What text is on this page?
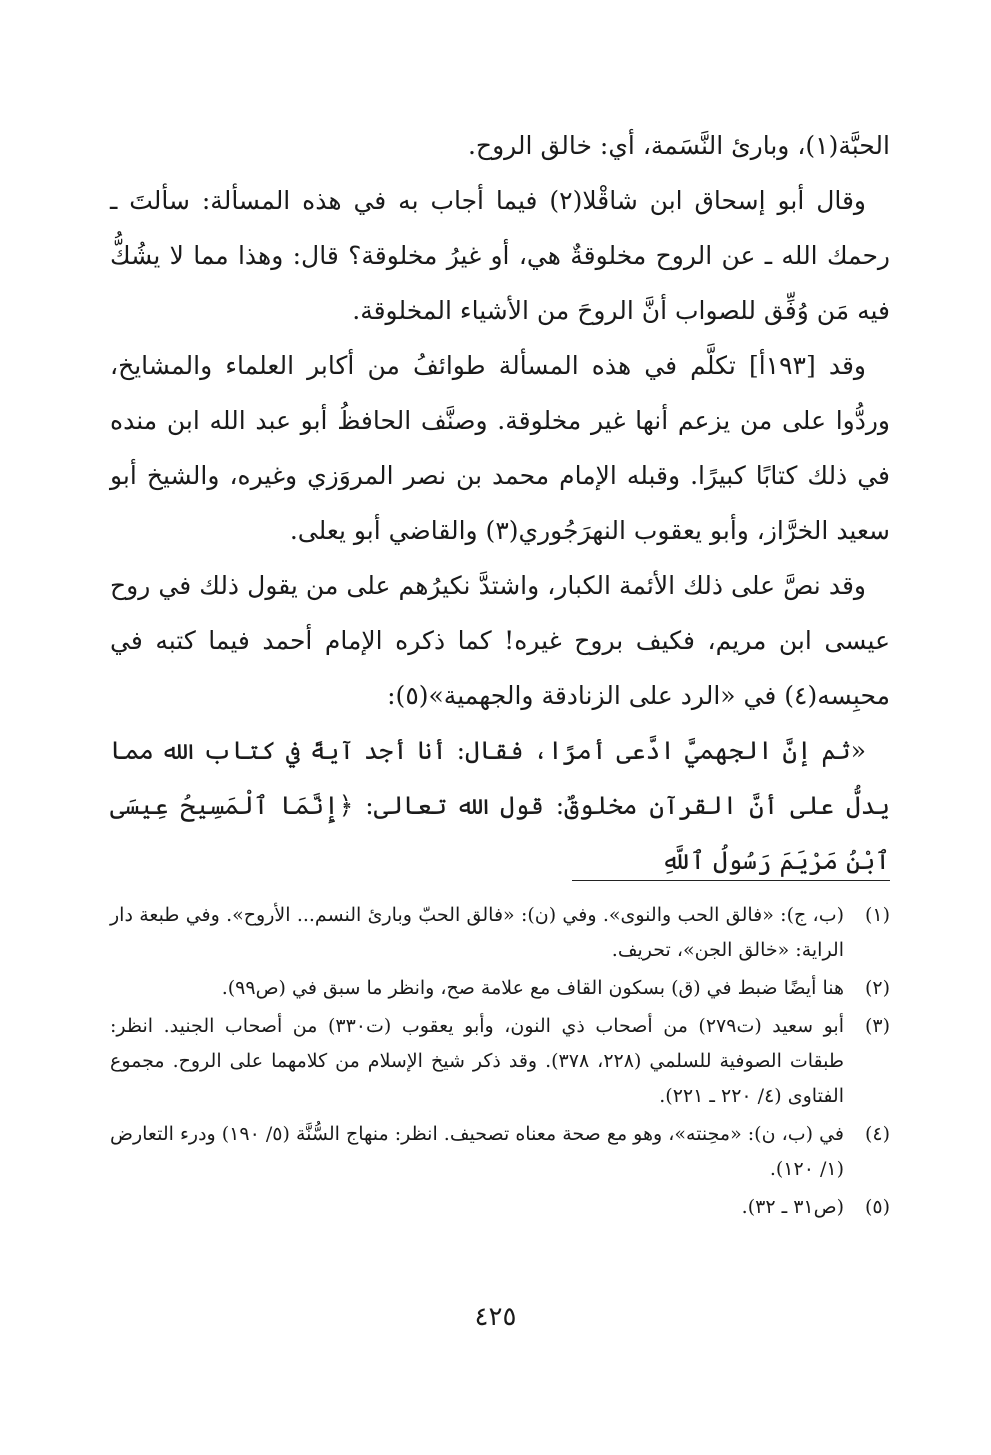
الحبَّة(١)، وبارئ النَّسَمة، أي: خالق الروح.

وقال أبو إسحاق ابن شاقْلا(٢) فيما أجاب به في هذه المسألة: سألتَ ـ رحمك الله ـ عن الروح مخلوقةٌ هي، أو غيرُ مخلوقة؟ قال: وهذا مما لا يشُكُّ فيه مَن وُفِّق للصواب أنَّ الروحَ من الأشياء المخلوقة.

وقد [١٩٣أ] تكلَّم في هذه المسألة طوائفُ من أكابر العلماء والمشايخ، وردُّوا على من يزعم أنها غير مخلوقة. وصنَّف الحافظُ أبو عبد الله ابن منده في ذلك كتابًا كبيرًا. وقبله الإمام محمد بن نصر المروَزي وغيره، والشيخ أبو سعيد الخرَّاز، وأبو يعقوب النهرَجُوري(٣) والقاضي أبو يعلى.

وقد نصَّ على ذلك الأئمة الكبار، واشتدَّ نكيرُهم على من يقول ذلك في روح عيسى ابن مريم، فكيف بروح غيره! كما ذكره الإمام أحمد فيما كتبه في محبِسه(٤) في «الرد على الزنادقة والجهمية»(٥):

«ثم إنَّ الجهميَّ ادَّعى أمرًا، فقال: أنا أجد آيةً في كتاب الله مما يدلُّ على أنَّ القرآن مخلوقٌ: قول الله تعالى: ﴿إِنَّمَا ٱلْمَسِيحُ عِيسَى ٱبْنُ مَرْيَمَ رَسُولُ ٱللَّهِ

(١)
(ب، ج): «فالق الحب والنوى». وفي (ن): «فالق الحبّ وبارئ النسم... الأروح». وفي طبعة دار الراية: «خالق الجن»، تحريف.
(٢)
هنا أيضًا ضبط في (ق) بسكون القاف مع علامة صح، وانظر ما سبق في (ص٩٩).
(٣)
أبو سعيد (ت٢٧٩) من أصحاب ذي النون، وأبو يعقوب (ت٣٣٠) من أصحاب الجنيد. انظر: طبقات الصوفية للسلمي (٢٢٨، ٣٧٨). وقد ذكر شيخ الإسلام من كلامهما على الروح. مجموع الفتاوى (٤/ ٢٢٠ ـ ٢٢١).
(٤)
في (ب، ن): «محِنته»، وهو مع صحة معناه تصحيف. انظر: منهاج السُّنَّة (٥/ ١٩٠) ودرء التعارض (١/ ١٢٠).
(٥)
(ص٣١ ـ ٣٢).
٤٢٥
